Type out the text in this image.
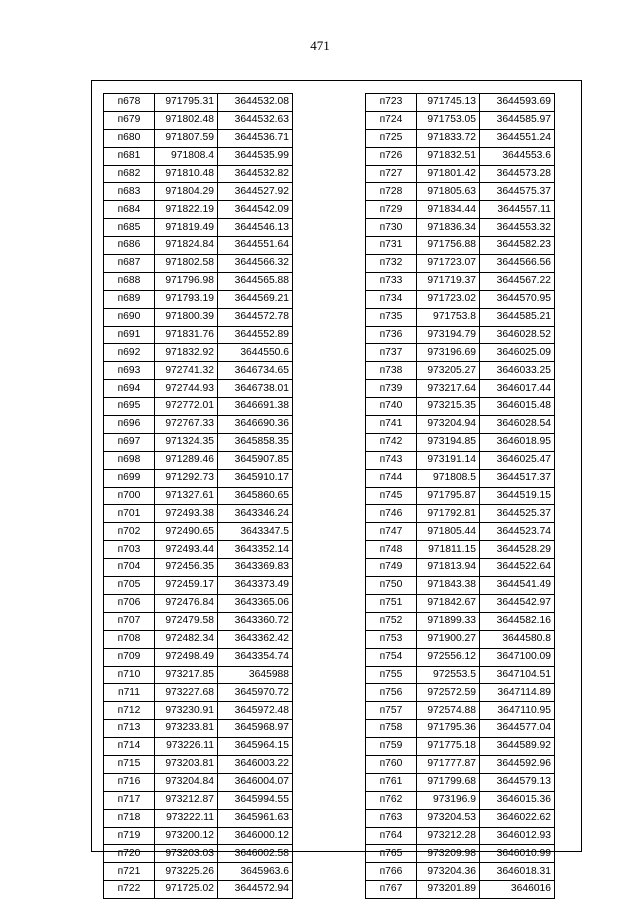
471
п678	971795.31	3644532.08
п679	971802.48	3644532.63
п680	971807.59	3644536.71
п681	971808.4	3644535.99
п682	971810.48	3644532.82
п683	971804.29	3644527.92
п684	971822.19	3644542.09
п685	971819.49	3644546.13
п686	971824.84	3644551.64
п687	971802.58	3644566.32
п688	971796.98	3644565.88
п689	971793.19	3644569.21
п690	971800.39	3644572.78
п691	971831.76	3644552.89
п692	971832.92	3644550.6
п693	972741.32	3646734.65
п694	972744.93	3646738.01
п695	972772.01	3646691.38
п696	972767.33	3646690.36
п697	971324.35	3645858.35
п698	971289.46	3645907.85
п699	971292.73	3645910.17
п700	971327.61	3645860.65
п701	972493.38	3643346.24
п702	972490.65	3643347.5
п703	972493.44	3643352.14
п704	972456.35	3643369.83
п705	972459.17	3643373.49
п706	972476.84	3643365.06
п707	972479.58	3643360.72
п708	972482.34	3643362.42
п709	972498.49	3643354.74
п710	973217.85	3645988
п711	973227.68	3645970.72
п712	973230.91	3645972.48
п713	973233.81	3645968.97
п714	973226.11	3645964.15
п715	973203.81	3646003.22
п716	973204.84	3646004.07
п717	973212.87	3645994.55
п718	973222.11	3645961.63
п719	973200.12	3646000.12
п720	973203.03	3646002.58
п721	973225.26	3645963.6
п722	971725.02	3644572.94
п723	971745.13	3644593.69
п724	971753.05	3644585.97
п725	971833.72	3644551.24
п726	971832.51	3644553.6
п727	971801.42	3644573.28
п728	971805.63	3644575.37
п729	971834.44	3644557.11
п730	971836.34	3644553.32
п731	971756.88	3644582.23
п732	971723.07	3644566.56
п733	971719.37	3644567.22
п734	971723.02	3644570.95
п735	971753.8	3644585.21
п736	973194.79	3646028.52
п737	973196.69	3646025.09
п738	973205.27	3646033.25
п739	973217.64	3646017.44
п740	973215.35	3646015.48
п741	973204.94	3646028.54
п742	973194.85	3646018.95
п743	973191.14	3646025.47
п744	971808.5	3644517.37
п745	971795.87	3644519.15
п746	971792.81	3644525.37
п747	971805.44	3644523.74
п748	971811.15	3644528.29
п749	971813.94	3644522.64
п750	971843.38	3644541.49
п751	971842.67	3644542.97
п752	971899.33	3644582.16
п753	971900.27	3644580.8
п754	972556.12	3647100.09
п755	972553.5	3647104.51
п756	972572.59	3647114.89
п757	972574.88	3647110.95
п758	971795.36	3644577.04
п759	971775.18	3644589.92
п760	971777.87	3644592.96
п761	971799.68	3644579.13
п762	973196.9	3646015.36
п763	973204.53	3646022.62
п764	973212.28	3646012.93
п765	973209.98	3646010.99
п766	973204.36	3646018.31
п767	973201.89	3646016
